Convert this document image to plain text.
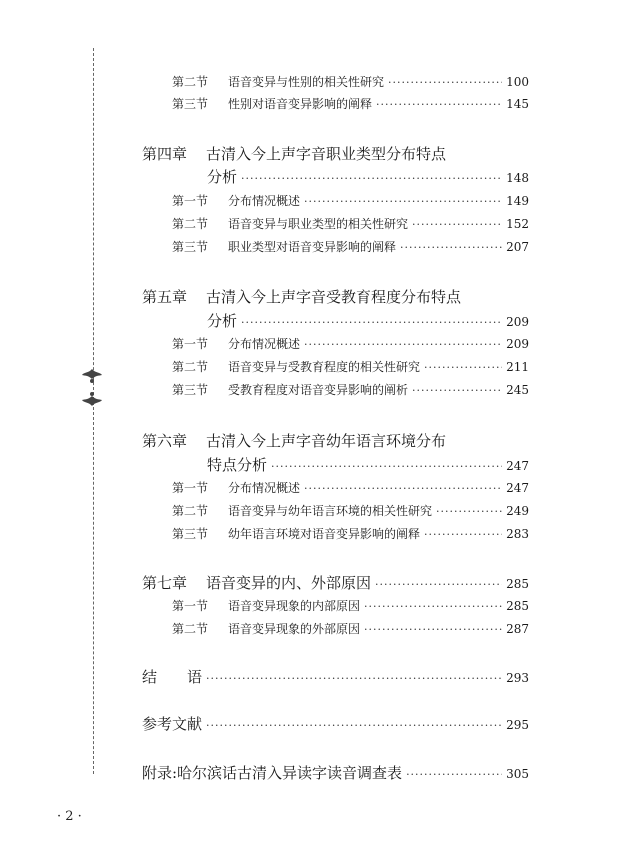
第二节	语音变异与性别的相关性研究 ·····	100
第三节	性别对语音变异影响的阐释 ·····	145
第四章	古清入今上声字音职业类型分布特点
分析 ·····	148
第一节	分布情况概述 ·····	149
第二节	语音变异与职业类型的相关性研究 ·····	152
第三节	职业类型对语音变异影响的阐释 ·····	207
第五章	古清入今上声字音受教育程度分布特点
分析 ·····	209
第一节	分布情况概述 ·····	209
第二节	语音变异与受教育程度的相关性研究 ·····	211
第三节	受教育程度对语音变异影响的阐析 ·····	245
第六章	古清入今上声字音幼年语言环境分布
特点分析 ·····	247
第一节	分布情况概述 ·····	247
第二节	语音变异与幼年语言环境的相关性研究 ·····	249
第三节	幼年语言环境对语音变异影响的阐释 ·····	283
第七章	语音变异的内、外部原因 ·····	285
第一节	语音变异现象的内部原因 ·····	285
第二节	语音变异现象的外部原因 ·····	287
结　　语 ·····	293
参考文献 ·····	295
附录:哈尔滨话古清入异读字读音调查表 ·····	305
· 2 ·
